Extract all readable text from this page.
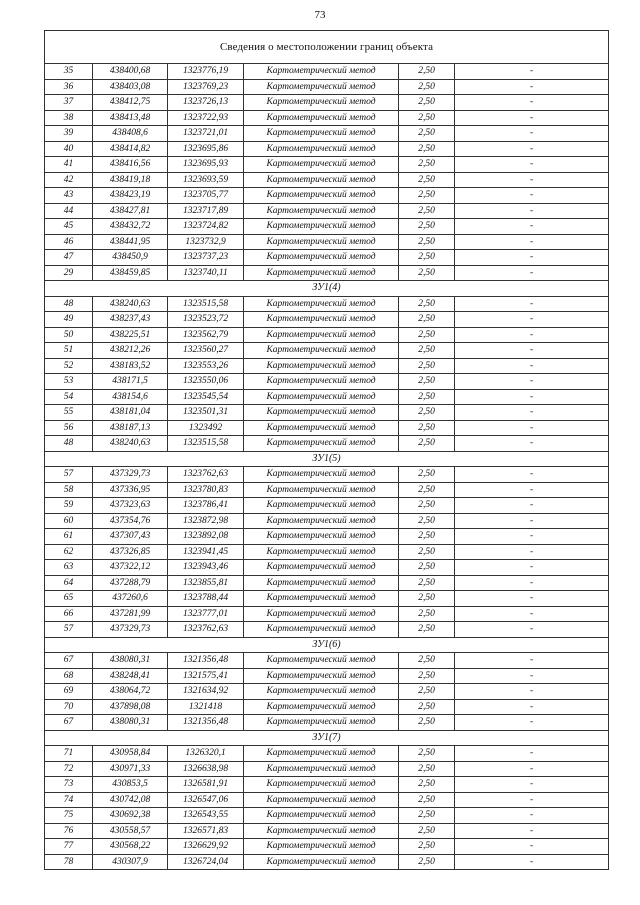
73
Сведения о местоположении границ объекта					
35	438400,68	1323776,19	Картометрический метод	2,50	-
36	438403,08	1323769,23	Картометрический метод	2,50	-
37	438412,75	1323726,13	Картометрический метод	2,50	-
38	438413,48	1323722,93	Картометрический метод	2,50	-
39	438408,6	1323721,01	Картометрический метод	2,50	-
40	438414,82	1323695,86	Картометрический метод	2,50	-
41	438416,56	1323695,93	Картометрический метод	2,50	-
42	438419,18	1323693,59	Картометрический метод	2,50	-
43	438423,19	1323705,77	Картометрический метод	2,50	-
44	438427,81	1323717,89	Картометрический метод	2,50	-
45	438432,72	1323724,82	Картометрический метод	2,50	-
46	438441,95	1323732,9	Картометрический метод	2,50	-
47	438450,9	1323737,23	Картометрический метод	2,50	-
29	438459,85	1323740,11	Картометрический метод	2,50	-
ЗУ1(4)					
48	438240,63	1323515,58	Картометрический метод	2,50	-
49	438237,43	1323523,72	Картометрический метод	2,50	-
50	438225,51	1323562,79	Картометрический метод	2,50	-
51	438212,26	1323560,27	Картометрический метод	2,50	-
52	438183,52	1323553,26	Картометрический метод	2,50	-
53	438171,5	1323550,06	Картометрический метод	2,50	-
54	438154,6	1323545,54	Картометрический метод	2,50	-
55	438181,04	1323501,31	Картометрический метод	2,50	-
56	438187,13	1323492	Картометрический метод	2,50	-
48	438240,63	1323515,58	Картометрический метод	2,50	-
ЗУ1(5)					
57	437329,73	1323762,63	Картометрический метод	2,50	-
58	437336,95	1323780,83	Картометрический метод	2,50	-
59	437323,63	1323786,41	Картометрический метод	2,50	-
60	437354,76	1323872,98	Картометрический метод	2,50	-
61	437307,43	1323892,08	Картометрический метод	2,50	-
62	437326,85	1323941,45	Картометрический метод	2,50	-
63	437322,12	1323943,46	Картометрический метод	2,50	-
64	437288,79	1323855,81	Картометрический метод	2,50	-
65	437260,6	1323788,44	Картометрический метод	2,50	-
66	437281,99	1323777,01	Картометрический метод	2,50	-
57	437329,73	1323762,63	Картометрический метод	2,50	-
ЗУ1(6)					
67	438080,31	1321356,48	Картометрический метод	2,50	-
68	438248,41	1321575,41	Картометрический метод	2,50	-
69	438064,72	1321634,92	Картометрический метод	2,50	-
70	437898,08	1321418	Картометрический метод	2,50	-
67	438080,31	1321356,48	Картометрический метод	2,50	-
ЗУ1(7)					
71	430958,84	1326320,1	Картометрический метод	2,50	-
72	430971,33	1326638,98	Картометрический метод	2,50	-
73	430853,5	1326581,91	Картометрический метод	2,50	-
74	430742,08	1326547,06	Картометрический метод	2,50	-
75	430692,38	1326543,55	Картометрический метод	2,50	-
76	430558,57	1326571,83	Картометрический метод	2,50	-
77	430568,22	1326629,92	Картометрический метод	2,50	-
78	430307,9	1326724,04	Картометрический метод	2,50	-
